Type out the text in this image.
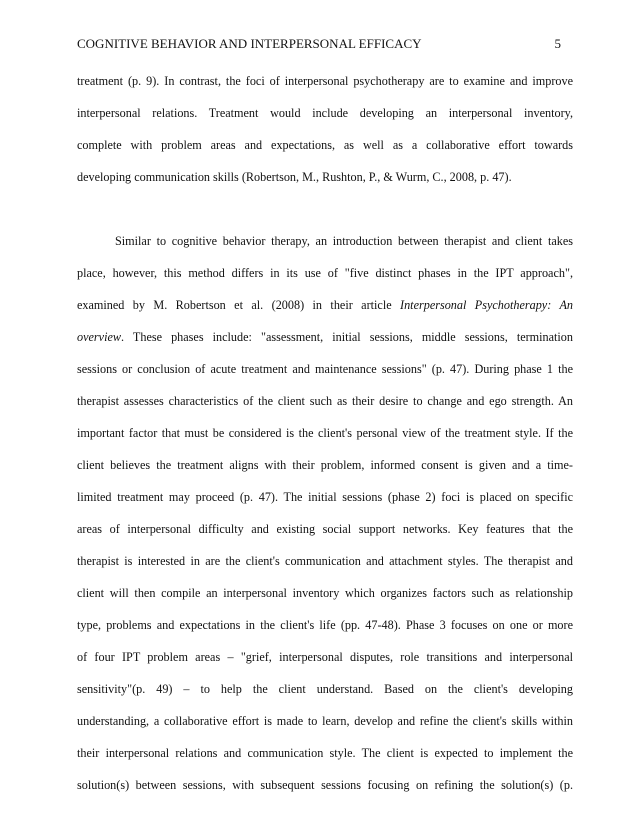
COGNITIVE BEHAVIOR AND INTERPERSONAL EFFICACY	5
treatment (p. 9). In contrast, the foci of interpersonal psychotherapy are to examine and improve
interpersonal relations. Treatment would include developing an interpersonal inventory,
complete with problem areas and expectations, as well as a collaborative effort towards
developing communication skills (Robertson, M., Rushton, P., & Wurm, C., 2008, p. 47).
Similar to cognitive behavior therapy, an introduction between therapist and client takes
place, however, this method differs in its use of "five distinct phases in the IPT approach",
examined by M. Robertson et al. (2008) in their article Interpersonal Psychotherapy: An
overview. These phases include: "assessment, initial sessions, middle sessions, termination
sessions or conclusion of acute treatment and maintenance sessions" (p. 47). During phase 1 the
therapist assesses characteristics of the client such as their desire to change and ego strength. An
important factor that must be considered is the client's personal view of the treatment style. If the
client believes the treatment aligns with their problem, informed consent is given and a time-
limited treatment may proceed (p. 47). The initial sessions (phase 2) foci is placed on specific
areas of interpersonal difficulty and existing social support networks. Key features that the
therapist is interested in are the client's communication and attachment styles. The therapist and
client will then compile an interpersonal inventory which organizes factors such as relationship
type, problems and expectations in the client's life (pp. 47-48). Phase 3 focuses on one or more
of four IPT problem areas – "grief, interpersonal disputes, role transitions and interpersonal
sensitivity"(p. 49) – to help the client understand. Based on the client's developing
understanding, a collaborative effort is made to learn, develop and refine the client's skills within
their interpersonal relations and communication style. The client is expected to implement the
solution(s) between sessions, with subsequent sessions focusing on refining the solution(s) (p.
